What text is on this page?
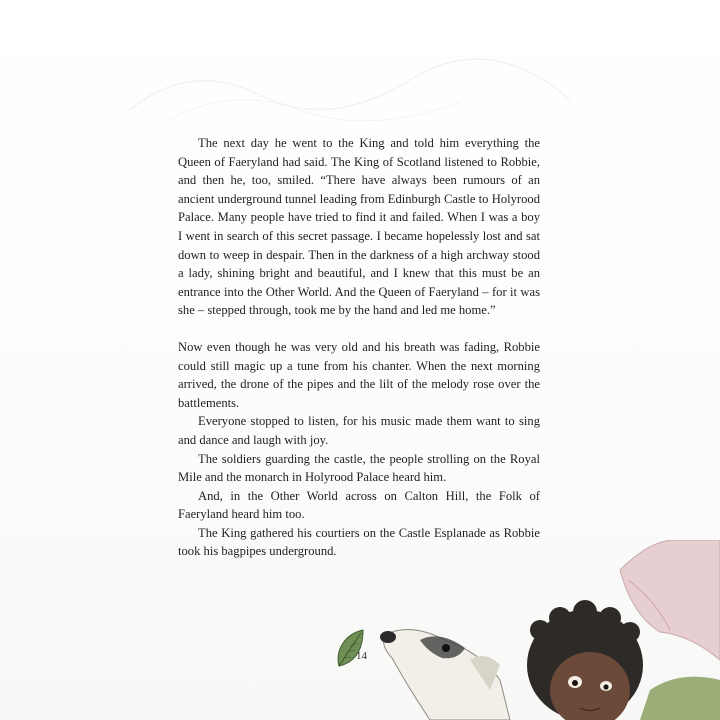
The next day he went to the King and told him everything the Queen of Faeryland had said. The King of Scotland listened to Robbie, and then he, too, smiled. “There have always been rumours of an ancient underground tunnel leading from Edinburgh Castle to Holyrood Palace. Many people have tried to find it and failed. When I was a boy I went in search of this secret passage. I became hopelessly lost and sat down to weep in despair. Then in the darkness of a high archway stood a lady, shining bright and beautiful, and I knew that this must be an entrance into the Other World. And the Queen of Faeryland – for it was she – stepped through, took me by the hand and led me home.”

Now even though he was very old and his breath was fading, Robbie could still magic up a tune from his chanter. When the next morning arrived, the drone of the pipes and the lilt of the melody rose over the battlements.

Everyone stopped to listen, for his music made them want to sing and dance and laugh with joy.

The soldiers guarding the castle, the people strolling on the Royal Mile and the monarch in Holyrood Palace heard him.

And, in the Other World across on Calton Hill, the Folk of Faeryland heard him too.

The King gathered his courtiers on the Castle Esplanade as Robbie took his bagpipes underground.

14
